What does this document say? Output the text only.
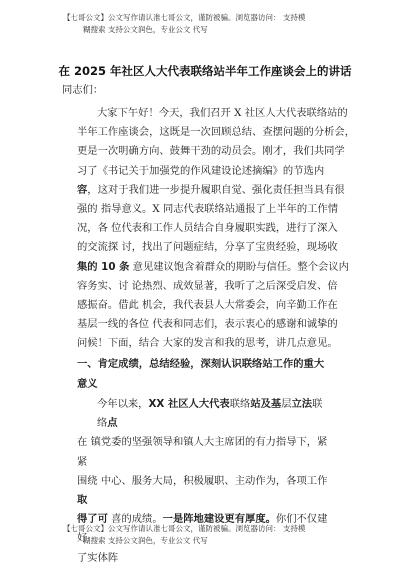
【七哥公文】公文写作请认准七哥公文，谨防被骗。浏览器访问： 支持模
糊搜索 支持公文润色，专业公文 代写
在 2025 年社区人大代表联络站半年工作座谈会上的讲话
同志们：
大家下午好！今天，我们召开 X 社区人大代表联络站的
半年工作座谈会，这既是一次回顾总结、查摆问题的分析会，
更是一次明确方向、鼓舞干劲的动员会。刚才，我们共同学
习了《书记关于加强党的作风建设论述摘编》的节选内
容，这对于我们进一步提升履职自觉、强化责任担当具有很
强的 指导意义。X 同志代表联络站通报了上半年的工作情
况，各 位代表和工作人员结合自身履职实践，进行了深入
的交流探 讨，找出了问题症结，分享了宝贵经验，现场收
集的 10 条 意见建议饱含着群众的期盼与信任。整个会议内
容务实、讨 论热烈、成效显著，我听了之后深受启发、倍
感振奋。借此 机会，我代表县人大常委会，向辛勤工作在
基层一线的各位 代表和同志们，表示衷心的感谢和诚挚的
问候！下面，结合 大家的发言和我的思考，讲几点意见。
一、肯定成绩，总结经验，深刻认识联络站工作的重大
意义
今年以来，XX 社区人大代表联络站及基层立法联络点
在 镇党委的坚强领导和镇人大主席团的有力指导下，紧紧
围绕 中心、服务大局，积极履职、主动作为，各项工作取
得了可 喜的成绩。一是阵地建设更有厚度。你们不仅建好
了实体阵
【七哥公文】公文写作请认准七哥公文，谨防被骗。浏览器访问： 支持模
糊搜索 支持公文润色，专业公文 代写
